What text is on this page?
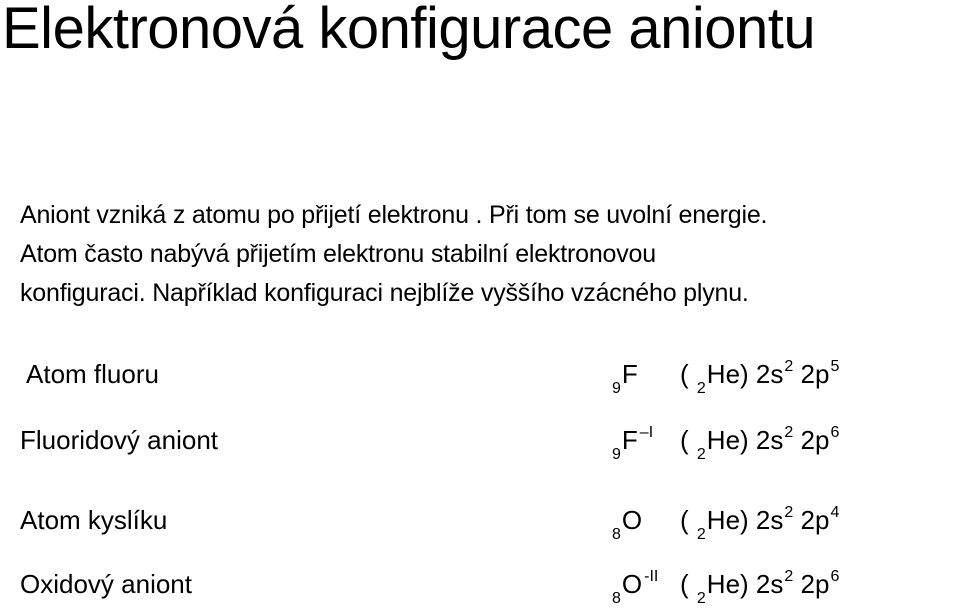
Elektronová konfigurace aniontu
Aniont vzniká z atomu po přijetí elektronu . Při tom se uvolní energie.
Atom často nabývá přijetím elektronu stabilní elektronovou
konfiguraci. Například konfiguraci nejblíže vyššího vzácného plynu.
Atom fluoru	$_9$F ( $_2$He) $2s^2$ $2p^5$
Fluoridový aniont	$_9$F $^{-I}$ ( $_2$He) $2s^2$ $2p^6$
Atom kyslíku	$_8$O ( $_2$He) $2s^2$ $2p^4$
Oxidový aniont	$_8$O $^{-II}$ ( $_2$He) $2s^2$ $2p^6$
